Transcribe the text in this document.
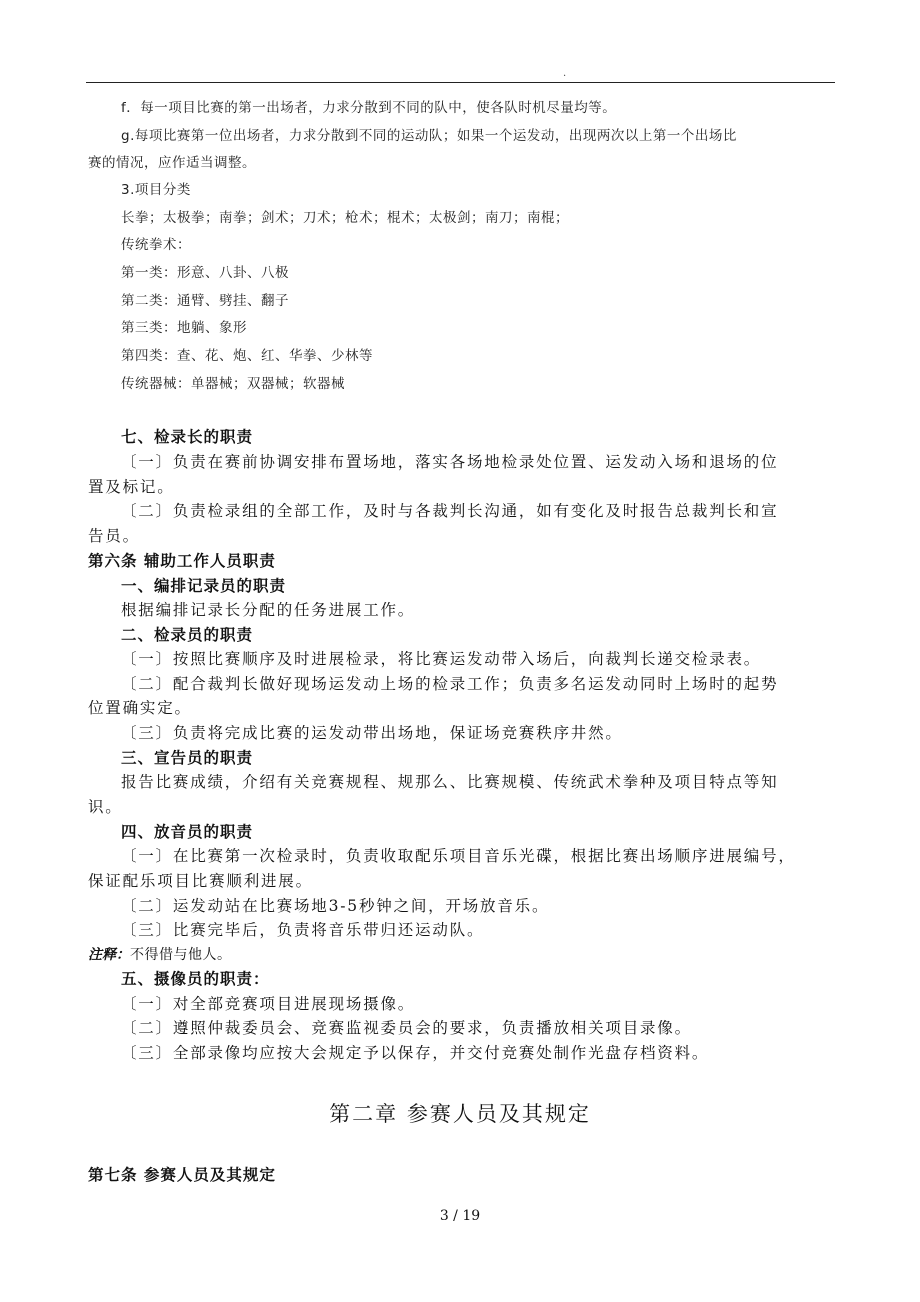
.
f．每一项目比赛的第一出场者，力求分散到不同的队中，使各队时机尽量均等。
g.每项比赛第一位出场者，力求分散到不同的运动队；如果一个运发动，出现两次以上第一个出场比
赛的情况，应作适当调整。
3.项目分类
长拳；太极拳；南拳；剑术；刀术；枪术；棍术；太极剑；南刀；南棍；
传统拳术：
第一类：形意、八卦、八极
第二类：通臂、劈挂、翻子
第三类：地躺、象形
第四类：查、花、炮、红、华拳、少林等
传统器械：单器械；双器械；软器械
七、检录长的职责
〔一〕负责在赛前协调安排布置场地，落实各场地检录处位置、运发动入场和退场的位
置及标记。
〔二〕负责检录组的全部工作，及时与各裁判长沟通，如有变化及时报告总裁判长和宣
告员。
第六条 辅助工作人员职责
一、编排记录员的职责
根据编排记录长分配的任务进展工作。
二、检录员的职责
〔一〕按照比赛顺序及时进展检录，将比赛运发动带入场后，向裁判长递交检录表。
〔二〕配合裁判长做好现场运发动上场的检录工作；负责多名运发动同时上场时的起势
位置确实定。
〔三〕负责将完成比赛的运发动带出场地，保证场竞赛秩序井然。
三、宣告员的职责
报告比赛成绩，介绍有关竞赛规程、规那么、比赛规模、传统武术拳种及项目特点等知
识。
四、放音员的职责
〔一〕在比赛第一次检录时，负责收取配乐项目音乐光碟，根据比赛出场顺序进展编号，
保证配乐项目比赛顺利进展。
〔二〕运发动站在比赛场地3-5秒钟之间，开场放音乐。
〔三〕比赛完毕后，负责将音乐带归还运动队。
注释：不得借与他人。
五、摄像员的职责：
〔一〕对全部竞赛项目进展现场摄像。
〔二〕遵照仲裁委员会、竞赛监视委员会的要求，负责播放相关项目录像。
〔三〕全部录像均应按大会规定予以保存，并交付竞赛处制作光盘存档资料。
第二章 参赛人员及其规定
第七条 参赛人员及其规定
3 / 19
